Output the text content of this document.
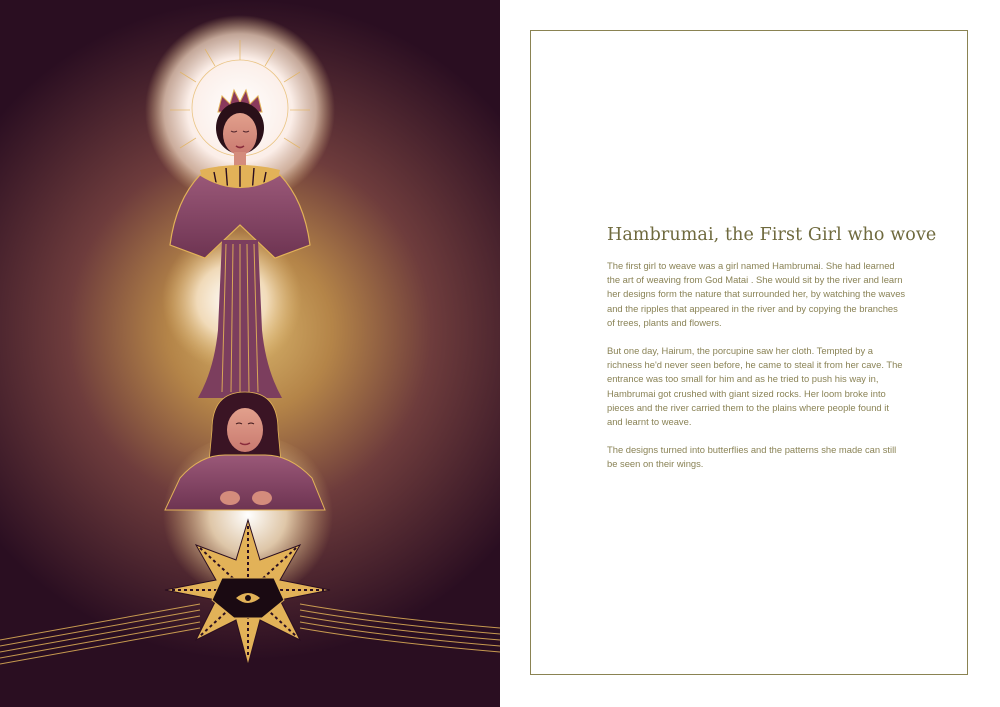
Hambrumai, the First Girl who wove

The first girl to weave was a girl named Hambrumai. She had learned the art of weaving from God Matai . She would sit by the river and learn her designs form the nature that surrounded her, by watching the waves and the ripples that appeared in the river and by copying the branches of trees, plants and flowers.

But one day, Hairum, the porcupine saw her cloth. Tempted by a richness he'd never seen before, he came to steal it from her cave. The entrance was too small for him and as he tried to push his way in, Hambrumai got crushed with giant sized rocks. Her loom broke into pieces and the river carried them to the plains where people found it and learnt to weave.

The designs turned into butterflies and the patterns she made can still be seen on their wings.
